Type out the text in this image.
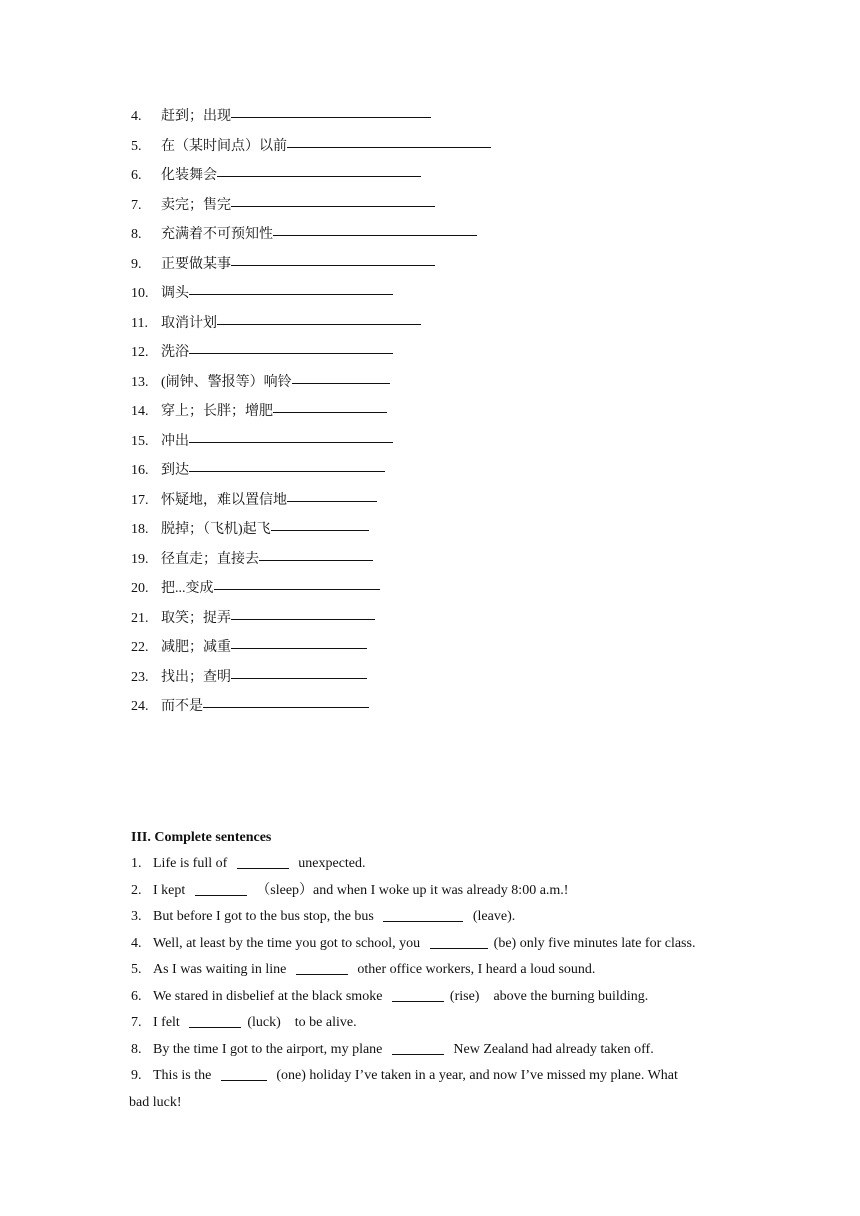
4.	赶到；出现
5.	在（某时间点）以前
6.	化装舞会
7.	卖完；售完
8.	充满着不可预知性
9.	正要做某事
10. 调头
11. 取消计划
12. 洗浴
13. (闹钟、警报等）响铃
14. 穿上；长胖；增肥
15. 冲出
16. 到达
17. 怀疑地，难以置信地
18. 脱掉；（飞机)起飞
19. 径直走；直接去
20. 把...变成
21. 取笑；捉弄
22. 减肥；减重
23. 找出；查明
24. 而不是
III. Complete sentences
1. Life is full of	unexpected.
2. I kept	（sleep）and when I woke up it was already 8:00 a.m.!
3. But before I got to the bus stop, the bus	(leave).
4. Well, at least by the time you got to school, you	(be) only five minutes late for class.
5. As I was waiting in line	other office workers, I heard a loud sound.
6. We stared in disbelief at the black smoke	(rise)    above the burning building.
7. I felt	(luck)    to be alive.
8. By the time I got to the airport, my plane	New Zealand had already taken off.
9. This is the	(one) holiday I’ve taken in a year, and now I’ve missed my plane. What
bad luck!
